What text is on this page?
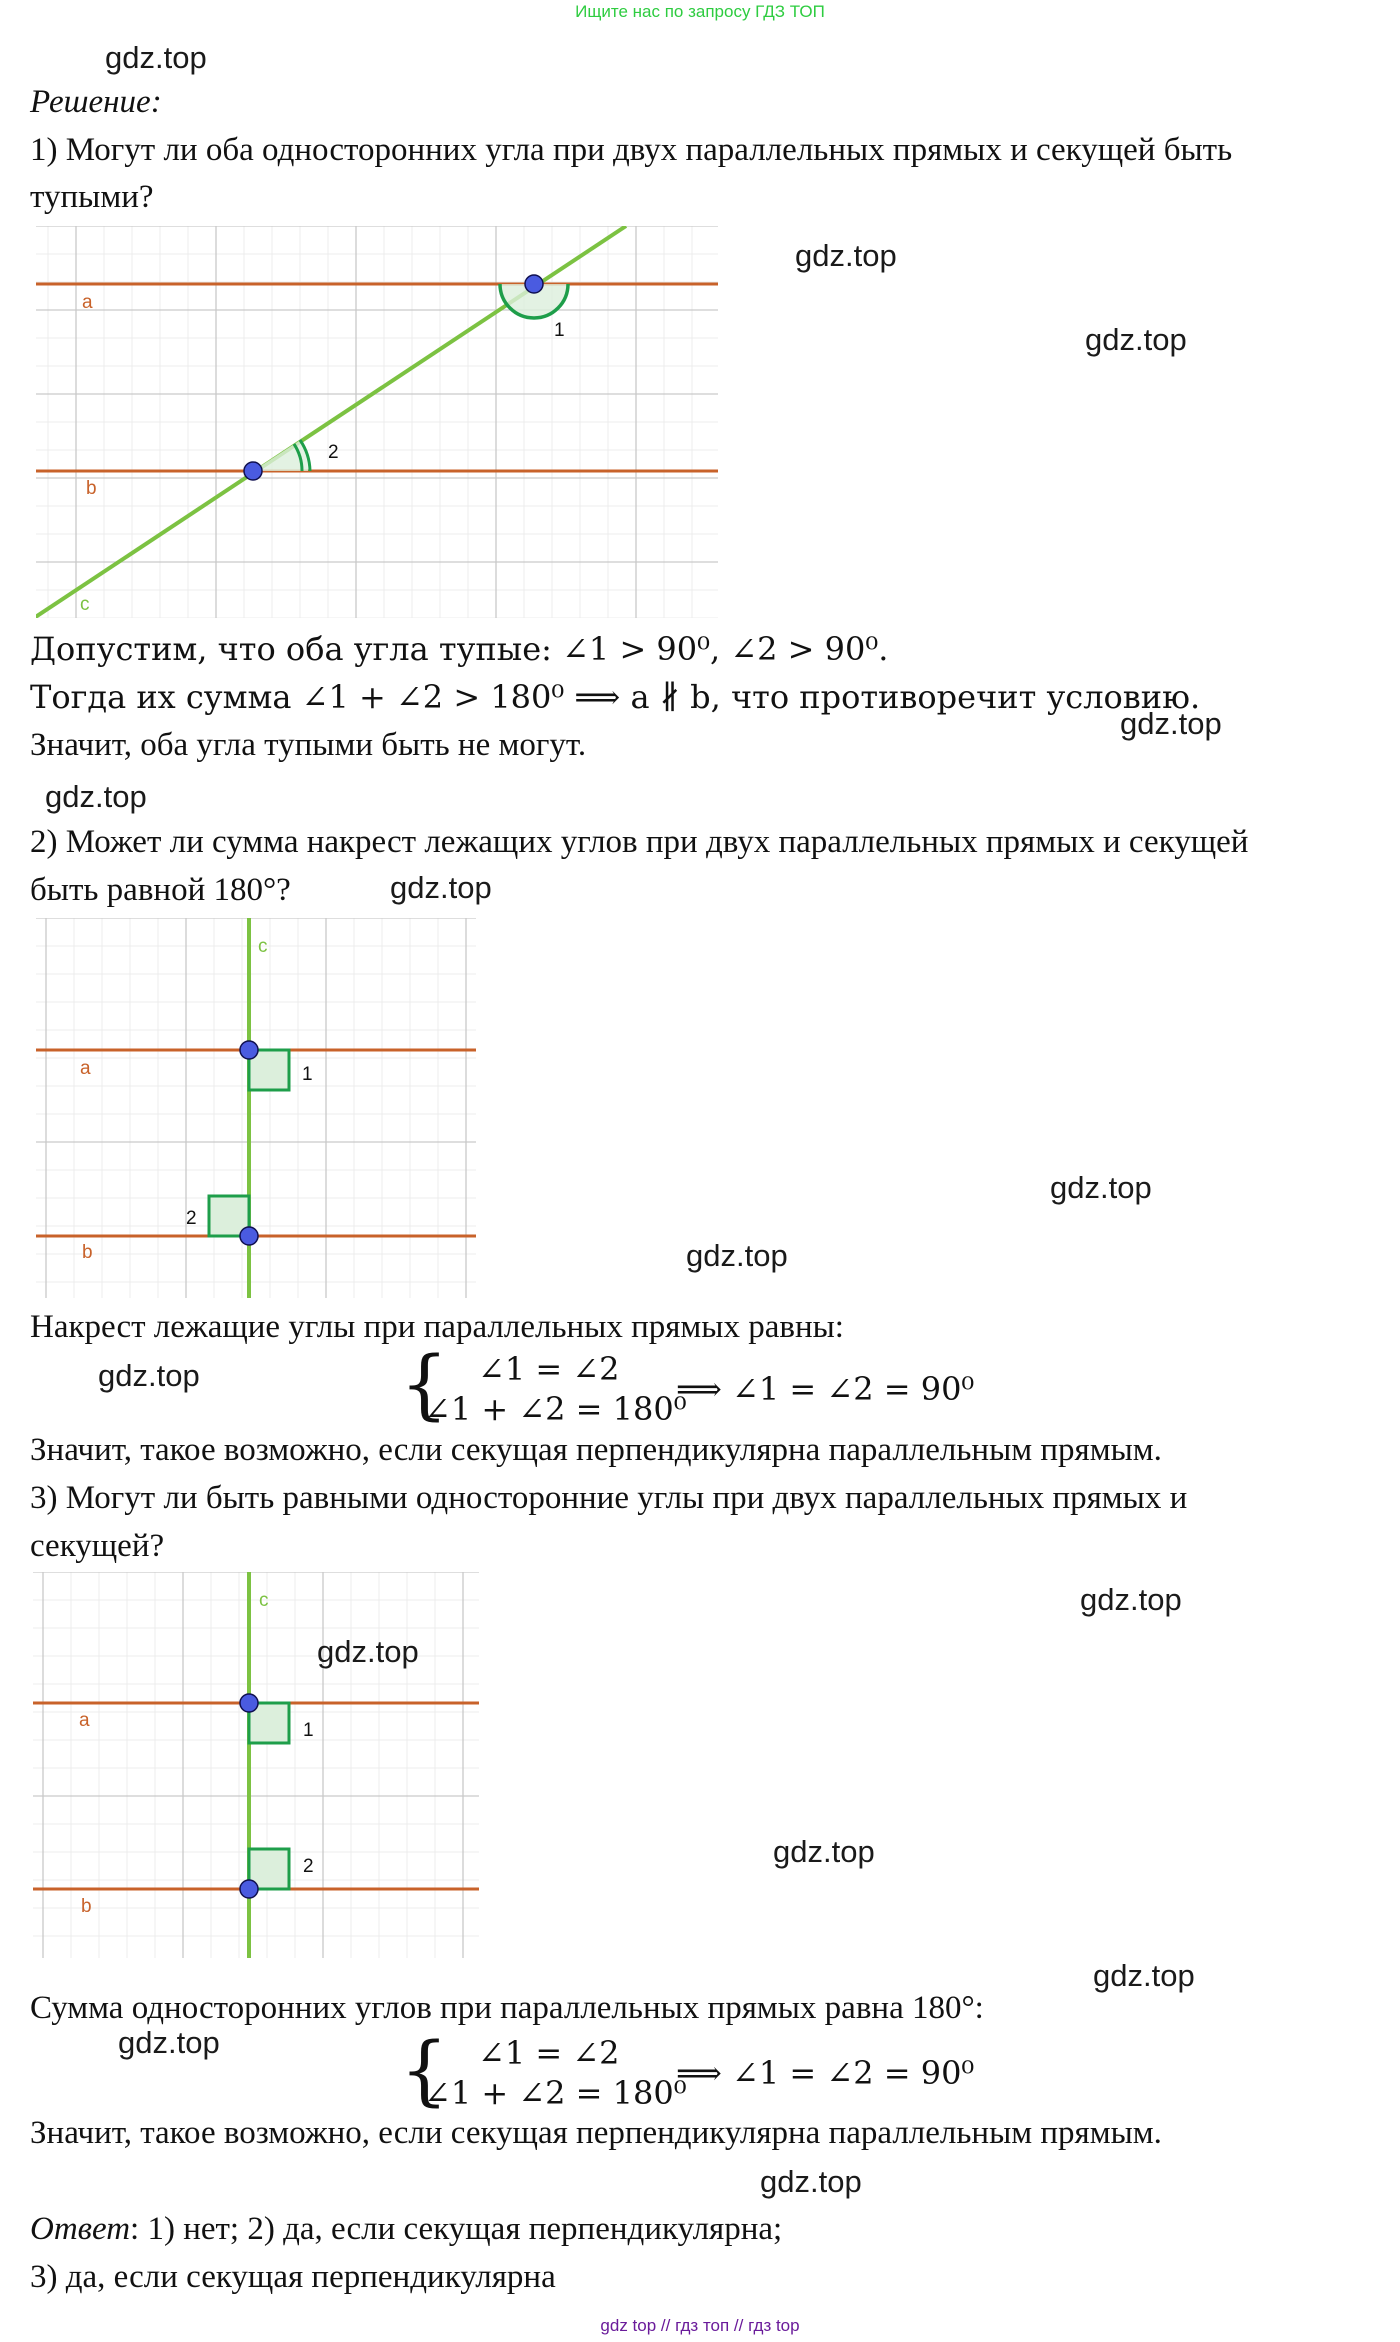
Ищите нас по запросу ГДЗ ТОП
gdz.top
Решение:
1) Могут ли оба односторонних угла при двух параллельных прямых и секущей быть
тупыми?
a
b
c
1
2
gdz.top
gdz.top
Допустим, что оба угла тупые: ∠1 > 90⁰, ∠2 > 90⁰.
Тогда их сумма ∠1 + ∠2 > 180⁰ ⟹ a ∦ b, что противоречит условию.
gdz.top
Значит, оба угла тупыми быть не могут.
gdz.top
2) Может ли сумма накрест лежащих углов при двух параллельных прямых и секущей
быть равной 180°?	gdz.top
c
a
b
1
2
gdz.top
gdz.top
Накрест лежащие углы при параллельных прямых равны:
gdz.top	{ ∠1 = ∠2
∠1 + ∠2 = 180⁰
⟹ ∠1 = ∠2 = 90⁰
Значит, такое возможно, если секущая перпендикулярна параллельным прямым.
3) Могут ли быть равными односторонние углы при двух параллельных прямых и
секущей?
c
a
b
1
2
gdz.top
gdz.top
gdz.top
gdz.top
Сумма односторонних углов при параллельных прямых равна 180°:
gdz.top { ∠1 = ∠2
∠1 + ∠2 = 180⁰
⟹ ∠1 = ∠2 = 90⁰
Значит, такое возможно, если секущая перпендикулярна параллельным прямым.
gdz.top
Ответ: 1) нет; 2) да, если секущая перпендикулярна;
3) да, если секущая перпендикулярна
gdz top // гдз топ // гдз top
